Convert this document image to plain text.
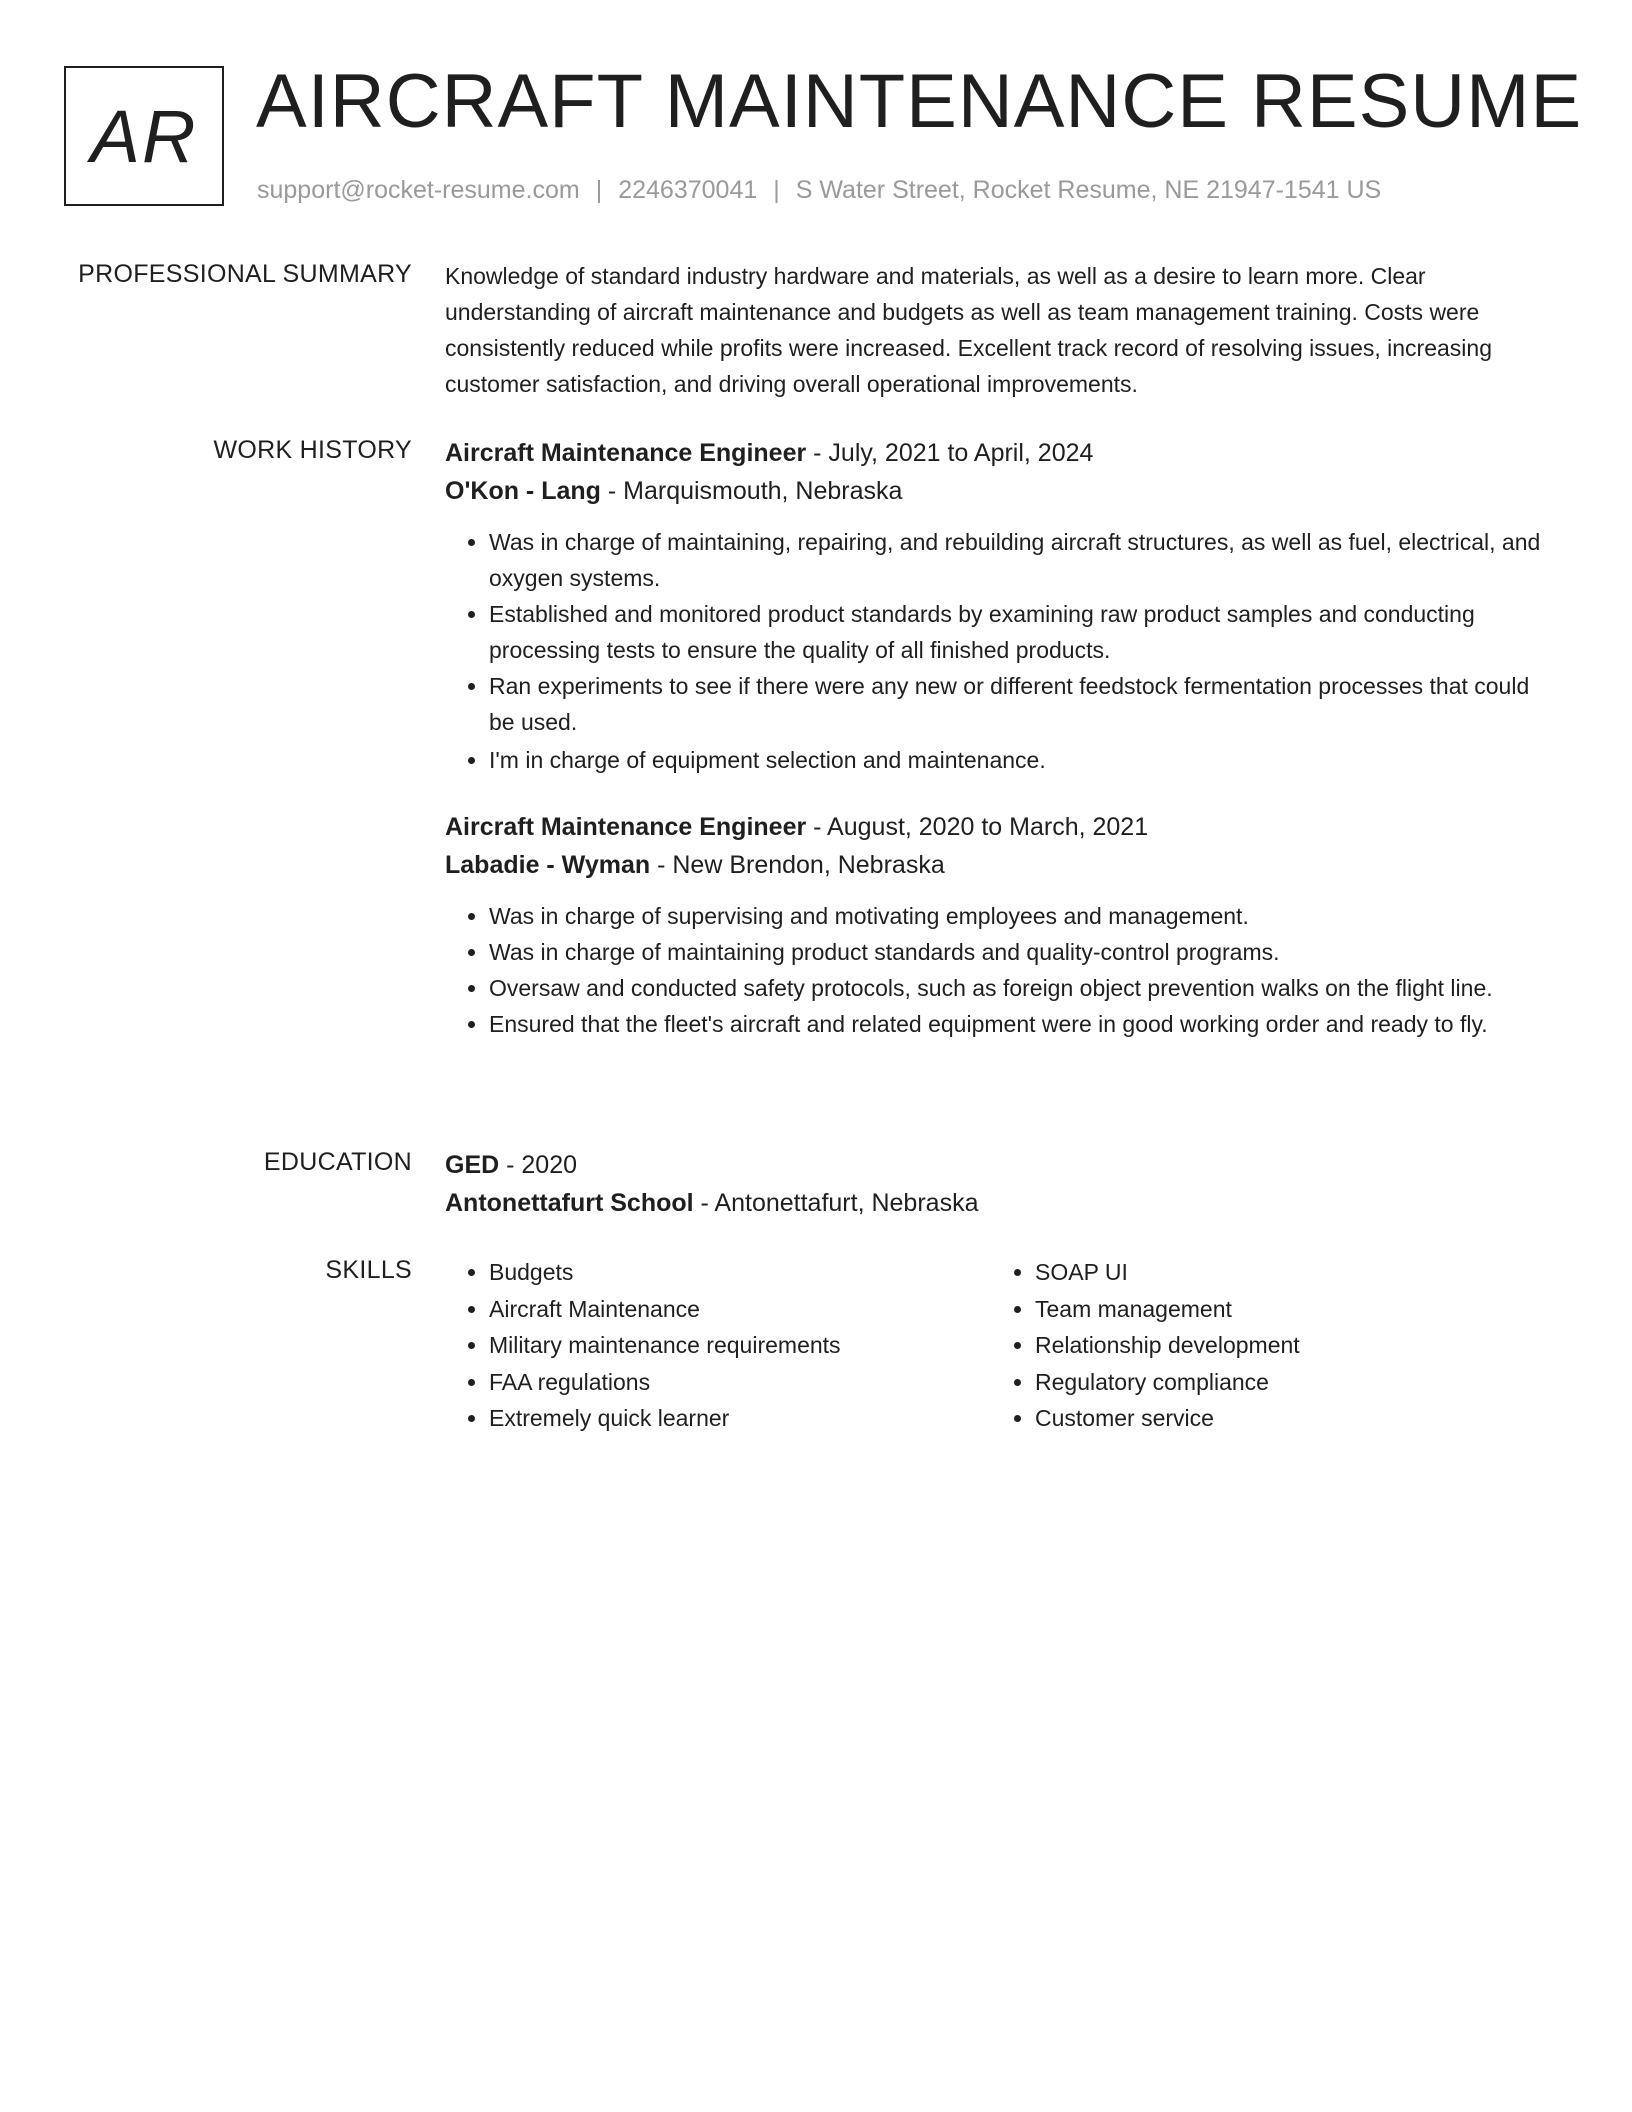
AR AIRCRAFT MAINTENANCE RESUME
support@rocket-resume.com | 2246370041 | S Water Street, Rocket Resume, NE 21947-1541 US
PROFESSIONAL SUMMARY Knowledge of standard industry hardware and materials, as well as a desire to learn more. Clear understanding of aircraft maintenance and budgets as well as team management training. Costs were consistently reduced while profits were increased. Excellent track record of resolving issues, increasing customer satisfaction, and driving overall operational improvements.

WORK HISTORY Aircraft Maintenance Engineer - July, 2021 to April, 2024
O'Kon - Lang - Marquismouth, Nebraska
• Was in charge of maintaining, repairing, and rebuilding aircraft structures, as well as fuel, electrical, and oxygen systems.
• Established and monitored product standards by examining raw product samples and conducting processing tests to ensure the quality of all finished products.
• Ran experiments to see if there were any new or different feedstock fermentation processes that could be used.
• I'm in charge of equipment selection and maintenance.
Aircraft Maintenance Engineer - August, 2020 to March, 2021
Labadie - Wyman - New Brendon, Nebraska
• Was in charge of supervising and motivating employees and management.
• Was in charge of maintaining product standards and quality-control programs.
• Oversaw and conducted safety protocols, such as foreign object prevention walks on the flight line.
• Ensured that the fleet's aircraft and related equipment were in good working order and ready to fly.
EDUCATION GED - 2020
Antonettafurt School - Antonettafurt, Nebraska
SKILLS
•	Budgets
• Aircraft Maintenance
• Military maintenance requirements
• FAA regulations
• Extremely quick learner
• SOAP UI
• Team management
• Relationship development
• Regulatory compliance
• Customer service
